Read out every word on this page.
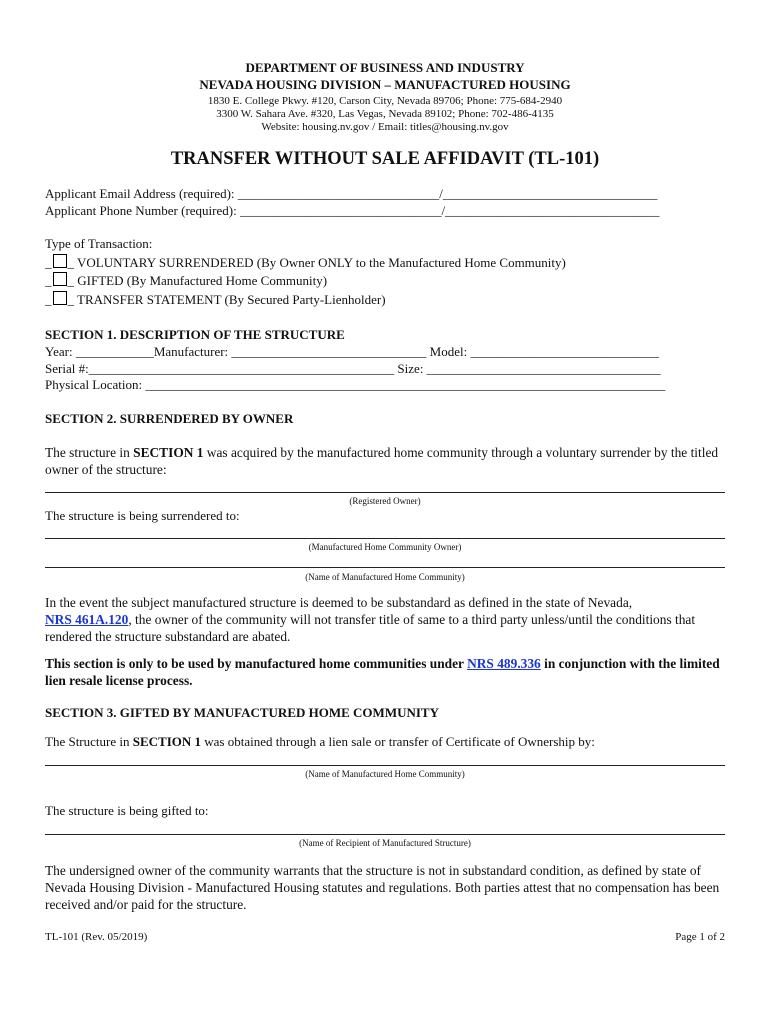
DEPARTMENT OF BUSINESS AND INDUSTRY
NEVADA HOUSING DIVISION – MANUFACTURED HOUSING
1830 E. College Pkwy. #120, Carson City, Nevada 89706; Phone: 775-684-2940
3300 W. Sahara Ave. #320, Las Vegas, Nevada 89102; Phone: 702-486-4135
Website: housing.nv.gov / Email: titles@housing.nv.gov
TRANSFER WITHOUT SALE AFFIDAVIT (TL-101)
Applicant Email Address (required): _______________________________/_________________________________
Applicant Phone Number (required): _______________________________/_________________________________
Type of Transaction:
_ _ VOLUNTARY SURRENDERED (By Owner ONLY to the Manufactured Home Community)
_ _ GIFTED (By Manufactured Home Community)
_ _ TRANSFER STATEMENT (By Secured Party-Lienholder)
SECTION 1. DESCRIPTION OF THE STRUCTURE
Year: ____________Manufacturer: ______________________________ Model: _____________________________
Serial #:_______________________________________________ Size: ____________________________________
Physical Location: ________________________________________________________________________________
SECTION 2. SURRENDERED BY OWNER
The structure in SECTION 1 was acquired by the manufactured home community through a voluntary surrender by the titled owner of the structure:
(Registered Owner)
The structure is being surrendered to:
(Manufactured Home Community Owner)
(Name of Manufactured Home Community)
In the event the subject manufactured structure is deemed to be substandard as defined in the state of Nevada,
NRS 461A.120, the owner of the community will not transfer title of same to a third party unless/until the conditions that rendered the structure substandard are abated.
This section is only to be used by manufactured home communities under NRS 489.336 in conjunction with the limited lien resale license process.
SECTION 3. GIFTED BY MANUFACTURED HOME COMMUNITY
The Structure in SECTION 1 was obtained through a lien sale or transfer of Certificate of Ownership by:
(Name of Manufactured Home Community)
The structure is being gifted to:
(Name of Recipient of Manufactured Structure)
The undersigned owner of the community warrants that the structure is not in substandard condition, as defined by state of Nevada Housing Division - Manufactured Housing statutes and regulations. Both parties attest that no compensation has been received and/or paid for the structure.
TL-101 (Rev. 05/2019)	Page 1 of 2
